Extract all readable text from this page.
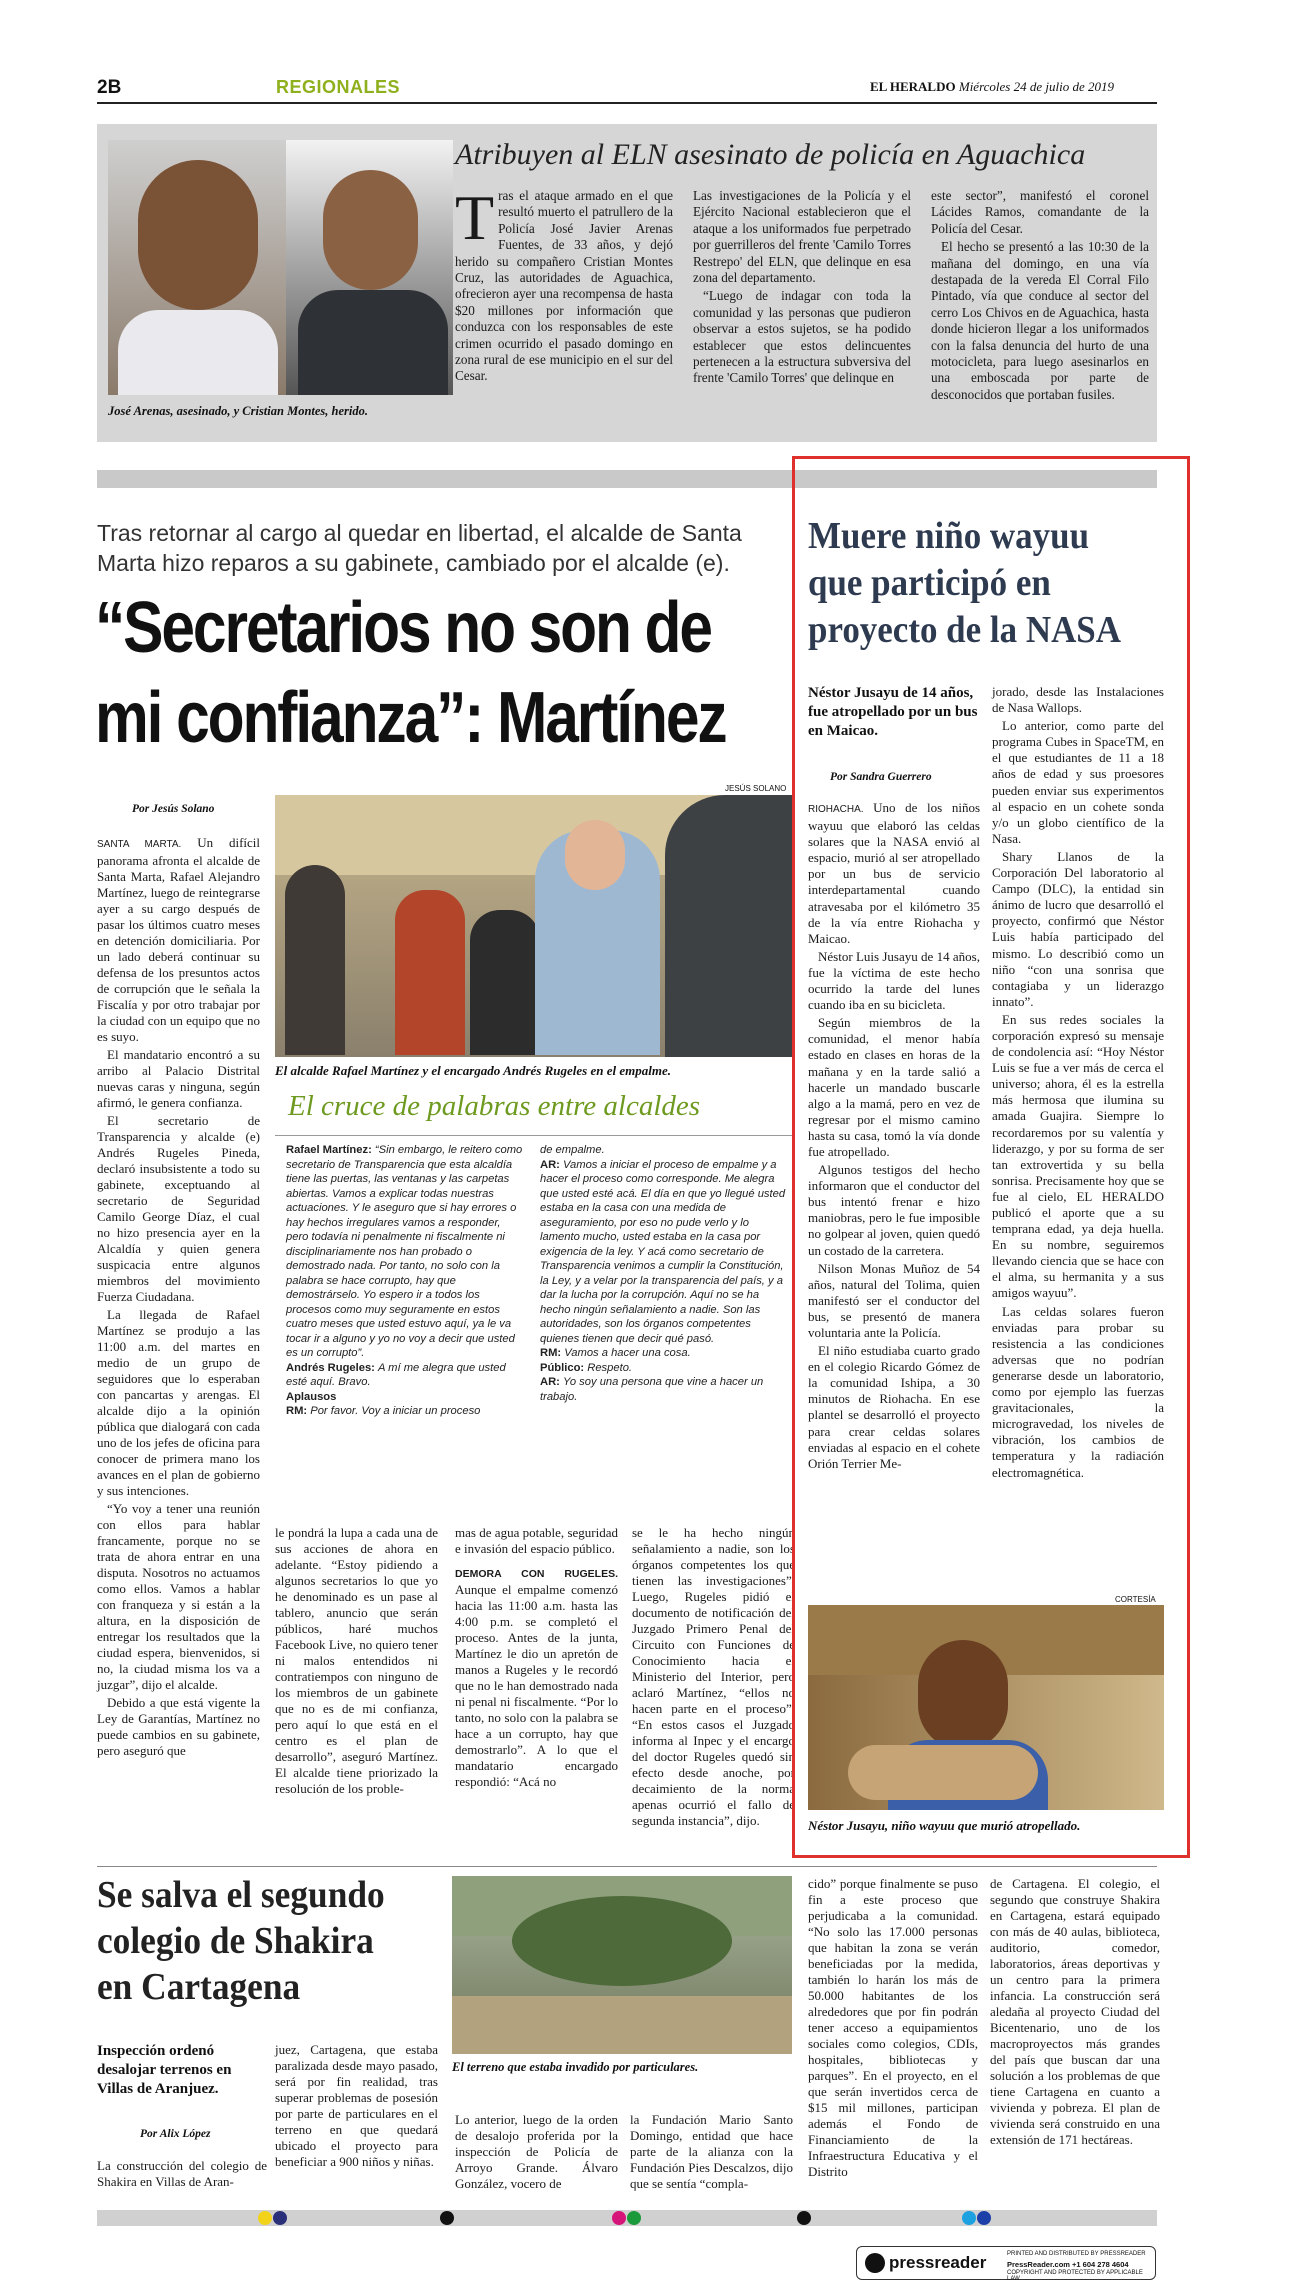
2B	REGIONALES	EL HERALDO Miércoles 24 de julio de 2019
José Arenas, asesinado, y Cristian Montes, herido.
Atribuyen al ELN asesinato de policía en Aguachica
Tras el ataque armado en el que resultó muerto el patrullero de la Policía José Javier Arenas Fuentes, de 33 años, y dejó herido su compañero Cristian Montes Cruz, las autoridades de Aguachica, ofrecieron ayer una recompensa de hasta $20 millones por información que conduzca con los responsables de este crimen ocurrido el pasado domingo en zona rural de ese municipio en el sur del Cesar.

Las investigaciones de la Policía y el Ejército Nacional establecieron que el ataque a los uniformados fue perpetrado por guerrilleros del frente 'Camilo Torres Restrepo' del ELN, que delinque en esa zona del departamento.

“Luego de indagar con toda la comunidad y las personas que pudieron observar a estos sujetos, se ha podido establecer que estos delincuentes pertenecen a la estructura subversiva del frente 'Camilo Torres' que delinque en

este sector”, manifestó el coronel Lácides Ramos, comandante de la Policía del Cesar.

El hecho se presentó a las 10:30 de la mañana del domingo, en una vía destapada de la vereda El Corral Filo Pintado, vía que conduce al sector del cerro Los Chivos en de Aguachica, hasta donde hicieron llegar a los uniformados con la falsa denuncia del hurto de una motocicleta, para luego asesinarlos en una emboscada por parte de desconocidos que portaban fusiles.

Tras retornar al cargo al quedar en libertad, el alcalde de Santa Marta hizo reparos a su gabinete, cambiado por el alcalde (e).
“Secretarios no son de
mi confianza”: Martínez
Por Jesús Solano
JESÚS SOLANO
El alcalde Rafael Martínez y el encargado Andrés Rugeles en el empalme.

SANTA MARTA. Un difícil panorama afronta el alcalde de Santa Marta, Rafael Alejandro Martínez, luego de reintegrarse ayer a su cargo después de pasar los últimos cuatro meses en detención domiciliaria. Por un lado deberá continuar su defensa de los presuntos actos de corrupción que le señala la Fiscalía y por otro trabajar por la ciudad con un equipo que no es suyo.

El mandatario encontró a su arribo al Palacio Distrital nuevas caras y ninguna, según afirmó, le genera confianza.

El secretario de Transparencia y alcalde (e) Andrés Rugeles Pineda, declaró insubsistente a todo su gabinete, exceptuando al secretario de Seguridad Camilo George Díaz, el cual no hizo presencia ayer en la Alcaldía y quien genera suspicacia entre algunos miembros del movimiento Fuerza Ciudadana.

La llegada de Rafael Martínez se produjo a las 11:00 a.m. del martes en medio de un grupo de seguidores que lo esperaban con pancartas y arengas. El alcalde dijo a la opinión pública que dialogará con cada uno de los jefes de oficina para conocer de primera mano los avances en el plan de gobierno y sus intenciones.

“Yo voy a tener una reunión con ellos para hablar francamente, porque no se trata de ahora entrar en una disputa. Nosotros no actuamos como ellos. Vamos a hablar con franqueza y si están a la altura, en la disposición de entregar los resultados que la ciudad espera, bienvenidos, si no, la ciudad misma los va a juzgar”, dijo el alcalde.

Debido a que está vigente la Ley de Garantías, Martínez no puede cambios en su gabinete, pero aseguró que

El cruce de palabras entre alcaldes
Rafael Martínez: “Sin embargo, le reitero como secretario de Transparencia que esta alcaldía tiene las puertas, las ventanas y las carpetas abiertas. Vamos a explicar todas nuestras actuaciones. Y le aseguro que si hay errores o hay hechos irregulares vamos a responder, pero todavía ni penalmente ni fiscalmente ni disciplinariamente nos han probado o demostrado nada. Por tanto, no solo con la palabra se hace corrupto, hay que demostrárselo. Yo espero ir a todos los procesos como muy seguramente en estos cuatro meses que usted estuvo aquí, ya le va tocar ir a alguno y yo no voy a decir que usted es un corrupto”.
Andrés Rugeles: A mí me alegra que usted esté aquí. Bravo.
Aplausos
RM: Por favor. Voy a iniciar un proceso
de empalme.
AR: Vamos a iniciar el proceso de empalme y a hacer el proceso como corresponde. Me alegra que usted esté acá. El día en que yo llegué usted estaba en la casa con una medida de aseguramiento, por eso no pude verlo y lo lamento mucho, usted estaba en la casa por exigencia de la ley. Y acá como secretario de Transparencia venimos a cumplir la Constitución, la Ley, y a velar por la transparencia del país, y a dar la lucha por la corrupción. Aquí no se ha hecho ningún señalamiento a nadie. Son las autoridades, son los órganos competentes quienes tienen que decir qué pasó.
RM: Vamos a hacer una cosa.
Público: Respeto.
AR: Yo soy una persona que vine a hacer un trabajo.

le pondrá la lupa a cada una de sus acciones de ahora en adelante. “Estoy pidiendo a algunos secretarios lo que yo he denominado es un pase al tablero, anuncio que serán públicos, haré muchos Facebook Live, no quiero tener ni malos entendidos ni contratiempos con ninguno de los miembros de un gabinete que no es de mi confianza, pero aquí lo que está en el centro es el plan de desarrollo”, aseguró Martínez. El alcalde tiene priorizado la resolución de los proble-

mas de agua potable, seguridad e invasión del espacio público.

DEMORA CON RUGELES. Aunque el empalme comenzó hacia las 11:00 a.m. hasta las 4:00 p.m. se completó el proceso. Antes de la junta, Martínez le dio un apretón de manos a Rugeles y le recordó que no le han demostrado nada ni penal ni fiscalmente. “Por lo tanto, no solo con la palabra se hace a un corrupto, hay que demostrarlo”. A lo que el mandatario encargado respondió: “Acá no

se le ha hecho ningún señalamiento a nadie, son los órganos competentes los que tienen las investigaciones”. Luego, Rugeles pidió el documento de notificación del Juzgado Primero Penal del Circuito con Funciones de Conocimiento hacia el Ministerio del Interior, pero aclaró Martínez, “ellos no hacen parte en el proceso”. “En estos casos el Juzgado informa al Inpec y el encargo del doctor Rugeles quedó sin efecto desde anoche, por decaimiento de la norma apenas ocurrió el fallo de segunda instancia”, dijo.

Muere niño wayuu que participó en proyecto de la NASA
Néstor Jusayu de 14 años, fue atropellado por un bus en Maicao.
Por Sandra Guerrero

RIOHACHA. Uno de los niños wayuu que elaboró las celdas solares que la NASA envió al espacio, murió al ser atropellado por un bus de servicio interdepartamental cuando atravesaba por el kilómetro 35 de la vía entre Riohacha y Maicao.

Néstor Luis Jusayu de 14 años, fue la víctima de este hecho ocurrido la tarde del lunes cuando iba en su bicicleta.

Según miembros de la comunidad, el menor había estado en clases en horas de la mañana y en la tarde salió a hacerle un mandado buscarle algo a la mamá, pero en vez de regresar por el mismo camino hasta su casa, tomó la vía donde fue atropellado.

Algunos testigos del hecho informaron que el conductor del bus intentó frenar e hizo maniobras, pero le fue imposible no golpear al joven, quien quedó un costado de la carretera.

Nilson Monas Muñoz de 54 años, natural del Tolima, quien manifestó ser el conductor del bus, se presentó de manera voluntaria ante la Policía.

El niño estudiaba cuarto grado en el colegio Ricardo Gómez de la comunidad Ishipa, a 30 minutos de Riohacha. En ese plantel se desarrolló el proyecto para crear celdas solares enviadas al espacio en el cohete Orión Terrier Me-

jorado, desde las Instalaciones de Nasa Wallops.

Lo anterior, como parte del programa Cubes in SpaceTM, en el que estudiantes de 11 a 18 años de edad y sus proesores pueden enviar sus experimentos al espacio en un cohete sonda y/o un globo científico de la Nasa.

Shary Llanos de la Corporación Del laboratorio al Campo (DLC), la entidad sin ánimo de lucro que desarrolló el proyecto, confirmó que Néstor Luis había participado del mismo. Lo describió como un niño “con una sonrisa que contagiaba y un liderazgo innato”.

En sus redes sociales la corporación expresó su mensaje de condolencia así: “Hoy Néstor Luis se fue a ver más de cerca el universo; ahora, él es la estrella más hermosa que ilumina su amada Guajira. Siempre lo recordaremos por su valentía y liderazgo, y por su forma de ser tan extrovertida y su bella sonrisa. Precisamente hoy que se fue al cielo, EL HERALDO publicó el aporte que a su temprana edad, ya deja huella. En su nombre, seguiremos llevando ciencia que se hace con el alma, su hermanita y a sus amigos wayuu”.

Las celdas solares fueron enviadas para probar su resistencia a las condiciones adversas que no podrían generarse desde un laboratorio, como por ejemplo las fuerzas gravitacionales, la microgravedad, los niveles de vibración, los cambios de temperatura y la radiación electromagnética.

CORTESÍA
Néstor Jusayu, niño wayuu que murió atropellado.
Se salva el segundo colegio de Shakira en Cartagena
Inspección ordenó desalojar terrenos en Villas de Aranjuez.
Por Alix López

La construcción del colegio de Shakira en Villas de Aran-

juez, Cartagena, que estaba paralizada desde mayo pasado, será por fin realidad, tras superar problemas de posesión por parte de particulares en el terreno en que quedará ubicado el proyecto para beneficiar a 900 niños y niñas.

El terreno que estaba invadido por particulares.

Lo anterior, luego de la orden de desalojo proferida por la inspección de Policía de Arroyo Grande. Álvaro González, vocero de

la Fundación Mario Santo Domingo, entidad que hace parte de la alianza con la Fundación Pies Descalzos, dijo que se sentía “compla-

cido” porque finalmente se puso fin a este proceso que perjudicaba a la comunidad. “No solo las 17.000 personas que habitan la zona se verán beneficiadas por la medida, también lo harán los más de 50.000 habitantes de los alrededores que por fin podrán tener acceso a equipamientos sociales como colegios, CDIs, hospitales, bibliotecas y parques”. En el proyecto, en el que serán invertidos cerca de $15 mil millones, participan además el Fondo de Financiamiento de la Infraestructura Educativa y el Distrito

de Cartagena. El colegio, el segundo que construye Shakira en Cartagena, estará equipado con más de 40 aulas, biblioteca, auditorio, comedor, laboratorios, áreas deportivas y un centro para la primera infancia. La construcción será aledaña al proyecto Ciudad del Bicentenario, uno de los macroproyectos más grandes del país que buscan dar una solución a los problemas de que tiene Cartagena en cuanto a vivienda y pobreza. El plan de vivienda será construido en una extensión de 171 hectáreas.

pressreader	PRINTED AND DISTRIBUTED BY PRESSREADER
PressReader.com +1 604 278 4604
COPYRIGHT AND PROTECTED BY APPLICABLE LAW
